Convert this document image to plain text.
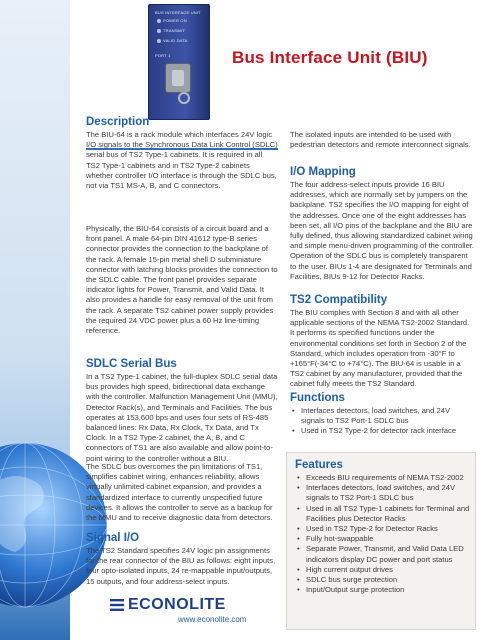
BUS INTERFACE UNIT
POWER ON
TRANSMIT
VALID DATA
PORT 1	Bus Interface Unit (BIU)
Description

The BIU-64 is a rack module which interfaces 24V logic I/O signals to the Synchronous Data Link Control (SDLC) serial bus of TS2 Type-1 cabinets. It is required in all TS2 Type-1 cabinets and in TS2 Type-2 cabinets whether controller I/O interface is through the SDLC bus, not via TS1 MS-A, B, and C connectors.

Physically, the BIU-64 consists of a circuit board and a front panel. A male 64-pin DIN 41612 type-B series connector provides the connection to the backplane of the rack. A female 15-pin metal shell D subminiature connector with latching blocks provides the connection to the SDLC cable. The front panel provides separate indicator lights for Power, Transmit, and Valid Data. It also provides a handle for easy removal of the unit from the rack. A separate TS2 cabinet power supply provides the required 24 VDC power plus a 60 Hz line-timing reference.

SDLC Serial Bus

In a TS2 Type-1 cabinet, the full-duplex SDLC serial data bus provides high speed, bidirectional data exchange with the controller. Malfunction Management Unit (MMU), Detector Rack(s), and Terminals and Facilities. The bus operates at 153,600 bps and uses four sets of RS-485 balanced lines: Rx Data, Rx Clock, Tx Data, and Tx Clock. In a TS2 Type-2 cabinet, the A, B, and C connectors of TS1 are also available and allow point-to-point wiring to the controller without a BIU.

The SDLC bus overcomes the pin limitations of TS1, simplifies cabinet wiring, enhances reliability, allows virtually unlimited cabinet expansion, and provides a standardized interface to currently unspecified future devices. It allows the controller to serve as a backup for the MMU and to receive diagnostic data from detectors.

Signal I/O

The TS2 Standard specifies 24V logic pin assignments for the rear connector of the BIU as follows: eight inputs, four opto-isolated inputs, 24 re-mappable input/outputs, 15 outputs, and four address-select inputs.

The isolated inputs are intended to be used with pedestrian detectors and remote interconnect signals.

I/O Mapping

The four address-select inputs provide 16 BIU addresses, which are normally set by jumpers on the backplane. TS2 specifies the I/O mapping for eight of the addresses. Once one of the eight addresses has been set, all I/O pins of the backplane and the BIU are fully defined, thus allowing standardized cabinet wiring and simple menu-driven programming of the controller. Operation of the SDLC bus is completely transparent to the user. BIUs 1-4 are designated for Terminals and Facilities, BIUs 9-12 for Detector Racks.

TS2 Compatibility

The BIU complies with Section 8 and with all other applicable sections of the NEMA TS2-2002 Standard. It performs its specified functions under the environmental conditions set forth in Section 2 of the Standard, which includes operation from -30°F to +165°F(-34°C to +74°C). The BIU-64 is usable in a TS2 cabinet by any manufacturer, provided that the cabinet fully meets the TS2 Standard.

Functions
• Interfaces detectors, load switches, and 24V signals to TS2 Port-1 SDLC bus
• Used in TS2 Type-2 for detector rack interface
Features
• Exceeds BIU requirements of NEMA TS2-2002
• Interfaces detectors, load switches, and 24V signals to TS2 Port-1 SDLC bus
• Used in all TS2 Type-1 cabinets for Terminal and Facilities plus Detector Racks
• Used in TS2 Type-2 for Detector Racks
• Fully hot-swappable
• Separate Power, Transmit, and Valid Data LED indicators display DC power and port status
• High current output drives
• SDLC bus surge protection
• Input/Output surge protection
ECONOLITE
www.econolite.com
